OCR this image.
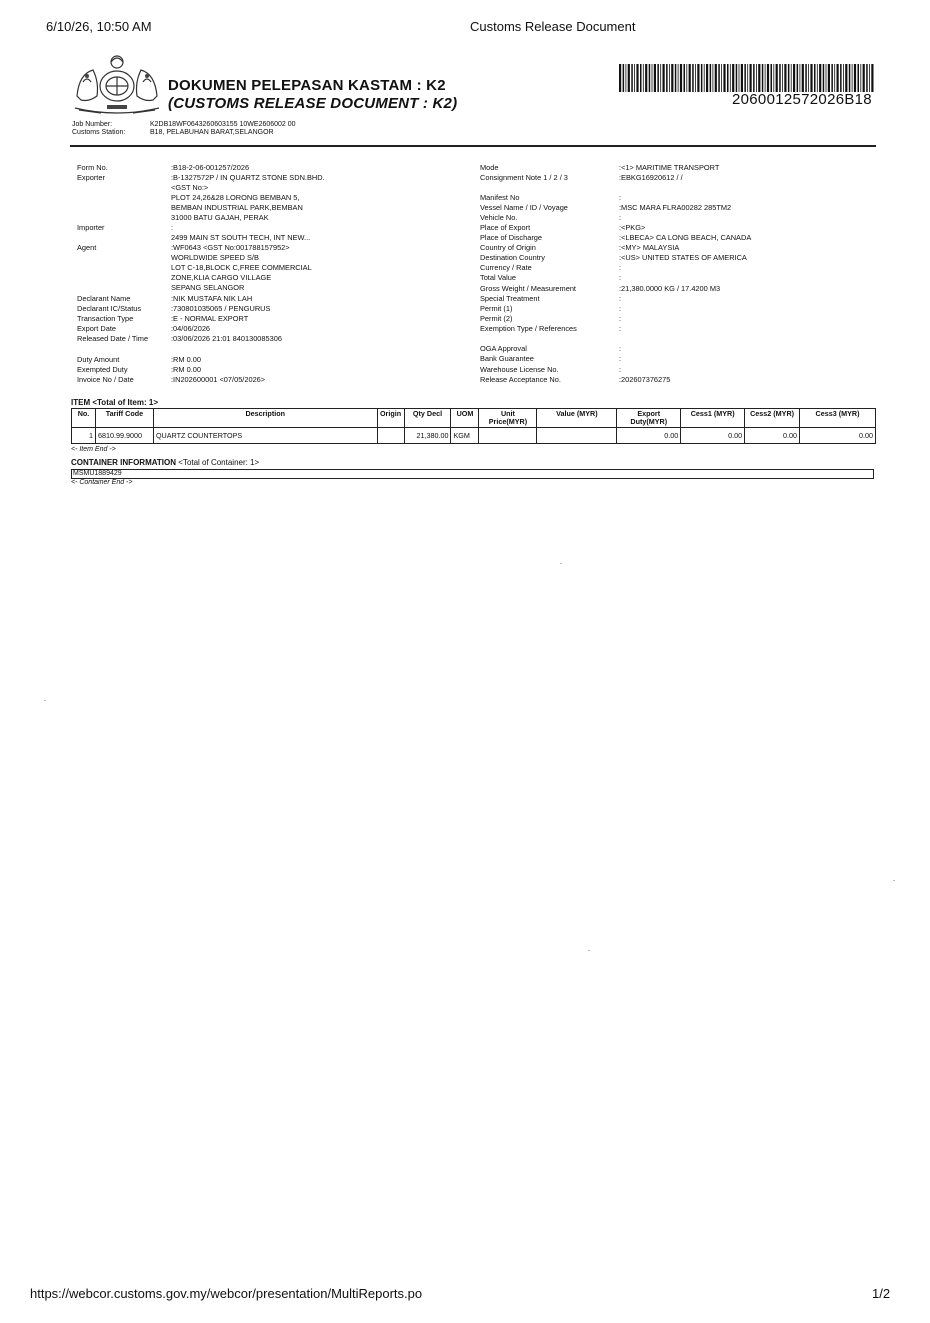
6/10/26, 10:50 AM	Customs Release Document
https://webcor.customs.gov.my/webcor/presentation/MultiReports.po	1/2
DOKUMEN PELEPASAN KASTAM : K2
(CUSTOMS RELEASE DOCUMENT : K2)	2060012572026B18
Job Number:	K2DB18WF0643260603155 10WE2606002 00
Customs Station:	B18, PELABUHAN BARAT,SELANGOR
Form No.	:B18-2-06-001257/2026
Exporter	:B-1327572P / IN QUARTZ STONE SDN.BHD.
<GST No:>
PLOT 24,26&28 LORONG BEMBAN 5,
BEMBAN INDUSTRIAL PARK,BEMBAN
31000 BATU GAJAH, PERAK
Importer	:
2499 MAIN ST SOUTH TECH, INT NEW...
Agent	:WF0643 <GST No:001788157952>
WORLDWIDE SPEED S/B
LOT C-18,BLOCK C,FREE COMMERCIAL
ZONE,KLIA CARGO VILLAGE
SEPANG SELANGOR
Declarant Name	:NIK MUSTAFA NIK LAH
Declarant IC/Status	:730801035065 / PENGURUS
Transaction Type	:E - NORMAL EXPORT
Export Date	:04/06/2026
Released Date / Time	:03/06/2026 21:01 840130085306
Duty Amount	:RM 0.00
Exempted Duty	:RM 0.00
Invoice No / Date	:IN202600001 <07/05/2026>
Mode	:<1> MARITIME TRANSPORT
Consignment Note 1 / 2 / 3	:EBKG16920612 / /
Manifest No	:
Vessel Name / ID / Voyage	:MSC MARA FLRA00282 285TM2
Vehicle No.	:
Place of Export	:<PKG>
Place of Discharge	:<LBECA> CA LONG BEACH, CANADA
Country of Origin	:<MY> MALAYSIA
Destination Country	:<US> UNITED STATES OF AMERICA
Currency / Rate	:
Total Value	:
Gross Weight / Measurement	:21,380.0000 KG / 17.4200 M3
Special Treatment	:
Permit (1)	:
Permit (2)	:
Exemption Type / References	:
OGA Approval	:
Bank Guarantee	:
Warehouse License No.	:
Release Acceptance No.	:202607376275
ITEM <Total of Item: 1>
No.	Tariff Code	Description	Origin	Qty Decl	UOM	Unit Price(MYR)	Value (MYR)	Export Duty(MYR)	Cess1 (MYR)	Cess2 (MYR)	Cess3 (MYR)
1	6810.99.9000	QUARTZ COUNTERTOPS		21,380.00	KGM			0.00	0.00	0.00	0.00
<- Item End ->
CONTAINER INFORMATION <Total of Container: 1>
MSMU1889429
<- Container End ->
